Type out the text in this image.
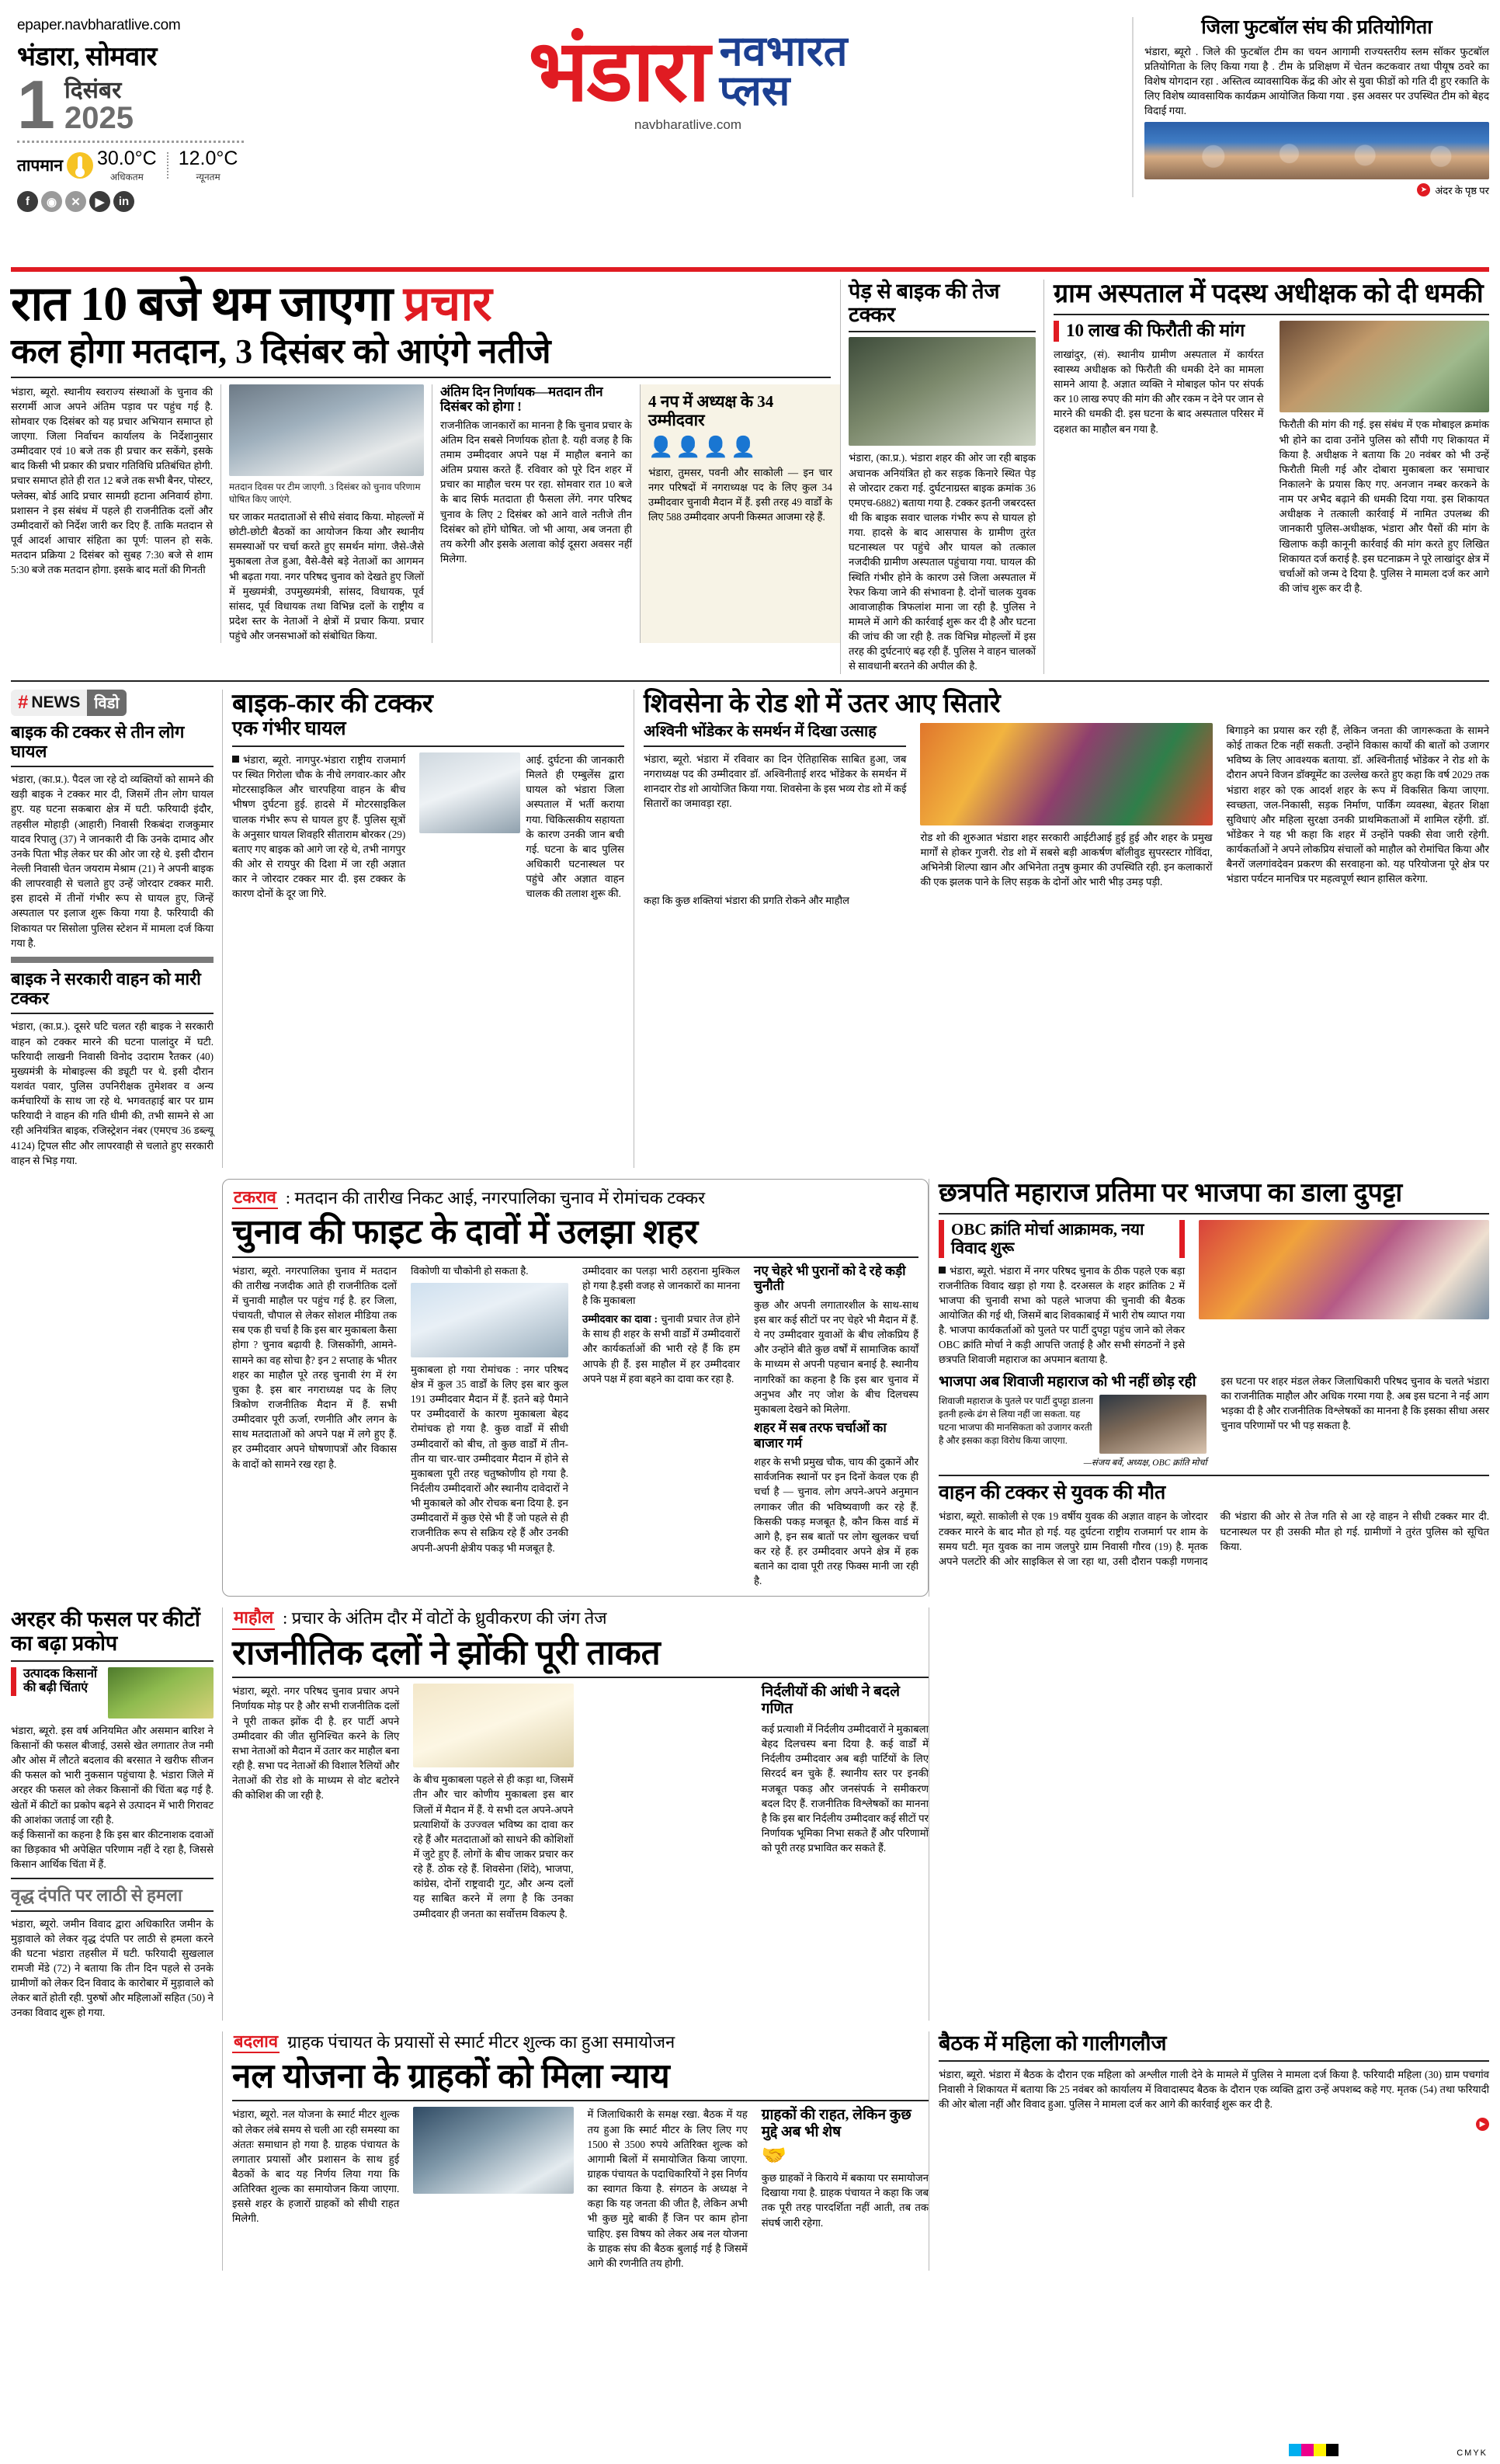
epaper.navbharatlive.com
भंडारा, सोमवार
1 दिसंबर
2025
तापमान 30.0°C
अधिकतम
12.0°C
न्यूनतम
f	◉	✕	▶	in
भंडारा नवभारत
प्लस
navbharatlive.com
जिला फुटबॉल संघ की प्रतियोगिता
भंडारा, ब्यूरो . जिले की फुटबॉल टीम का चयन आगामी राज्यस्तरीय स्लम सॉकर फुटबॉल प्रतियोगिता के लिए किया गया है . टीम के प्रशिक्षण में चेतन कटकवार तथा पीयूष ठवरे का विशेष योगदान रहा . अस्तित्व व्यावसायिक केंद्र की ओर से युवा फीडों को गति दी हुए रकाति के लिए विशेष व्यावसायिक कार्यक्रम आयोजित किया गया . इस अवसर पर उपस्थित टीम को बेहद विदाई गया.
➤ अंदर के पृष्ठ पर
रात 10 बजे थम जाएगा प्रचार
कल होगा मतदान, 3 दिसंबर को आएंगे नतीजे
भंडारा, ब्यूरो. स्थानीय स्वराज्य संस्थाओं के चुनाव की सरगर्मी आज अपने अंतिम पड़ाव पर पहुंच गई है. सोमवार एक दिसंबर को यह प्रचार अभियान समाप्त हो जाएगा. जिला निर्वाचन कार्यालय के निर्देशानुसार उम्मीदवार एवं 10 बजे तक ही प्रचार कर सकेंगे, इसके बाद किसी भी प्रकार की प्रचार गतिविधि प्रतिबंधित होगी. प्रचार समाप्त होते ही रात 12 बजे तक सभी बैनर, पोस्टर, फ्लेक्स, बोर्ड आदि प्रचार सामग्री हटाना अनिवार्य होगा. प्रशासन ने इस संबंध में पहले ही राजनीतिक दलों और उम्मीदवारों को निर्देश जारी कर दिए हैं. ताकि मतदान से पूर्व आदर्श आचार संहिता का पूर्ण: पालन हो सके. मतदान प्रक्रिया 2 दिसंबर को सुबह 7:30 बजे से शाम 5:30 बजे तक मतदान होगा. इसके बाद मतों की गिनती
मतदान दिवस पर टीम जाएगी. 3 दिसंबर को चुनाव परिणाम घोषित किए जाएंगे.
घर जाकर मतदाताओं से सीधे संवाद किया. मोहल्लों में छोटी-छोटी बैठकों का आयोजन किया और स्थानीय समस्याओं पर चर्चा करते हुए समर्थन मांगा. जैसे-जैसे मुकाबला तेज हुआ, वैसे-वैसे बड़े नेताओं का आगमन भी बढ़ता गया. नगर परिषद चुनाव को देखते हुए जिलों में मुख्यमंत्री, उपमुख्यमंत्री, सांसद, विधायक, पूर्व सांसद, पूर्व विधायक तथा विभिन्न दलों के राष्ट्रीय व प्रदेश स्तर के नेताओं ने क्षेत्रों में प्रचार किया. प्रचार पहुंचे और जनसभाओं को संबोधित किया.
अंतिम दिन निर्णायक—मतदान तीन दिसंबर को होगा !
राजनीतिक जानकारों का मानना है कि चुनाव प्रचार के अंतिम दिन सबसे निर्णायक होता है. यही वजह है कि तमाम उम्मीदवार अपने पक्ष में माहौल बनाने का अंतिम प्रयास करते हैं. रविवार को पूरे दिन शहर में प्रचार का माहौल चरम पर रहा. सोमवार रात 10 बजे के बाद सिर्फ मतदाता ही फैसला लेंगे. नगर परिषद चुनाव के लिए 2 दिसंबर को आने वाले नतीजे तीन दिसंबर को होंगे घोषित. जो भी आया, अब जनता ही तय करेगी और इसके अलावा कोई दूसरा अवसर नहीं मिलेगा.
4 नप में अध्यक्ष के 34 उम्मीदवार
👤 👤 👤 👤
भंडारा, तुमसर, पवनी और साकोली — इन चार नगर परिषदों में नगराध्यक्ष पद के लिए कुल 34 उम्मीदवार चुनावी मैदान में हैं. इसी तरह 49 वार्डों के लिए 588 उम्मीदवार अपनी किस्मत आजमा रहे हैं.
पेड़ से बाइक की तेज टक्कर
भंडारा, (का.प्र.). भंडारा शहर की ओर जा रही बाइक अचानक अनियंत्रित हो कर सड़क किनारे स्थित पेड़ से जोरदार टकरा गई. दुर्घटनाग्रस्त बाइक क्रमांक 36 एमएच-6882) बताया गया है. टक्कर इतनी जबरदस्त थी कि बाइक सवार चालक गंभीर रूप से घायल हो गया. हादसे के बाद आसपास के ग्रामीण तुरंत घटनास्थल पर पहुंचे और घायल को तत्काल नजदीकी ग्रामीण अस्पताल पहुंचाया गया. घायल की स्थिति गंभीर होने के कारण उसे जिला अस्पताल में रेफर किया जाने की संभावना है. दोनों चालक युवक आवाजाहीक त्रिफलांश माना जा रही है. पुलिस ने मामले में आगे की कार्रवाई शुरू कर दी है और घटना की जांच की जा रही है. तक विभिन्न मोहल्लों में इस तरह की दुर्घटनाएं बढ़ रही हैं. पुलिस ने वाहन चालकों से सावधानी बरतने की अपील की है.
ग्राम अस्पताल में पदस्थ अधीक्षक को दी धमकी
10 लाख की फिरौती की मांग
लाखांदुर, (सं). स्थानीय ग्रामीण अस्पताल में कार्यरत स्वास्थ्य अधीक्षक को फिरौती की धमकी देने का मामला सामने आया है. अज्ञात व्यक्ति ने मोबाइल फोन पर संपर्क कर 10 लाख रुपए की मांग की और रकम न देने पर जान से मारने की धमकी दी. इस घटना के बाद अस्पताल परिसर में दहशत का माहौल बन गया है.	फिरौती की मांग की गई. इस संबंध में एक मोबाइल क्रमांक भी होने का दावा उनोंने पुलिस को सौंपी गए शिकायत में किया है. अधीक्षक ने बताया कि 20 नवंबर को भी उन्हें फिरौती मिली गई और दोबारा मुकाबला कर 'समाचार निकालने' के प्रयास किए गए. अनजान नम्बर करकने के नाम पर अभैद बढ़ाने की धमकी दिया गया. इस शिकायत अधीक्षक ने तत्काली कार्रवाई में नामित उपलब्ध की जानकारी पुलिस-अधीक्षक, भंडारा और पैसों की मांग के खिलाफ कड़ी कानूनी कार्रवाई की मांग करते हुए लिखित शिकायत दर्ज कराई है. इस घटनाक्रम ने पूरे लाखांदुर क्षेत्र में चर्चाओं को जन्म दे दिया है. पुलिस ने मामला दर्ज कर आगे की जांच शुरू कर दी है.
# NEWS विडो
बाइक की टक्कर से तीन लोग घायल
भंडारा, (का.प्र.). पैदल जा रहे दो व्यक्तियों को सामने की खड़ी बाइक ने टक्कर मार दी, जिसमें तीन लोग घायल हुए. यह घटना सकबारा क्षेत्र में घटी. फरियादी इंदौर, तहसील मोहाड़ी (आहारी) निवासी रिकबंदा राजकुमार यादव रिपालु (37) ने जानकारी दी कि उनके दामाद और उनके पिता भीड़ लेकर घर की ओर जा रहे थे. इसी दौरान नेल्ली निवासी चेतन जयराम मेश्राम (21) ने अपनी बाइक की लापरवाही से चलाते हुए उन्हें जोरदार टक्कर मारी. इस हादसे में तीनों गंभीर रूप से घायल हुए, जिन्हें अस्पताल पर इलाज शुरू किया गया है. फरियादी की शिकायत पर सिसोला पुलिस स्टेशन में मामला दर्ज किया गया है.
बाइक ने सरकारी वाहन को मारी टक्कर
भंडारा, (का.प्र.). दूसरे घटि चलत रही बाइक ने सरकारी वाहन को टक्कर मारने की घटना पालांदुर में घटी. फरियादी लाखनी निवासी विनोद उदाराम रैतकर (40) मुख्यमंत्री के मोबाइल्स की ड्यूटी पर थे. इसी दौरान यशवंत पवार, पुलिस उपनिरीक्षक तुमेशवर व अन्य कर्मचारियों के साथ जा रहे थे. भगवतहाई बार पर ग्राम फरियादी ने वाहन की गति धीमी की, तभी सामने से आ रही अनियंत्रित बाइक, रजिस्ट्रेशन नंबर (एमएच 36 डब्ल्यू 4124) ट्रिपल सीट और लापरवाही से चलाते हुए सरकारी वाहन से भिड़ गया.
बाइक-कार की टक्कर
एक गंभीर घायल
भंडारा, ब्यूरो. नागपुर-भंडारा राष्ट्रीय राजमार्ग पर स्थित गिरोला चौक के नीचे लगवार-कार और मोटरसाइकिल और चारपहिया वाहन के बीच भीषण दुर्घटना हुई. हादसे में मोटरसाइकिल चालक गंभीर रूप से घायल हुए हैं. पुलिस सूत्रों के अनुसार घायल शिवहरि सीताराम बोरकर (29) बताए गए बाइक को आगे जा रहे थे, तभी नागपुर की ओर से रायपुर की दिशा में जा रही अज्ञात कार ने जोरदार टक्कर मार दी. इस टक्कर के कारण दोनों के दूर जा गिरे.
आई. दुर्घटना की जानकारी मिलते ही एम्बुलेंस द्वारा घायल को भंडारा जिला अस्पताल में भर्ती कराया गया. चिकित्सकीय सहायता के कारण उनकी जान बची गई. घटना के बाद पुलिस अधिकारी घटनास्थल पर पहुंचे और अज्ञात वाहन चालक की तलाश शुरू की.
शिवसेना के रोड शो में उतर आए सितारे
अश्विनी भोंडेकर के समर्थन में दिखा उत्साह
भंडारा, ब्यूरो. भंडारा में रविवार का दिन ऐतिहासिक साबित हुआ, जब नगराध्यक्ष पद की उम्मीदवार डॉ. अश्विनीताई शरद भोंडेकर के समर्थन में शानदार रोड शो आयोजित किया गया. शिवसेना के इस भव्य रोड शो में कई सितारों का जमावड़ा रहा.
रोड शो की शुरुआत भंडारा शहर सरकारी आईटीआई हुई हुई और शहर के प्रमुख मार्गों से होकर गुजरी. रोड शो में सबसे बड़ी आकर्षण बॉलीवुड सुपरस्टार गोविंदा, अभिनेत्री शिल्पा खान और अभिनेता तनुष कुमार की उपस्थिति रही. इन कलाकारों की एक झलक पाने के लिए सड़क के दोनों ओर भारी भीड़ उमड़ पड़ी.
बिगाड़ने का प्रयास कर रही हैं, लेकिन जनता की जागरूकता के सामने कोई ताकत टिक नहीं सकती. उन्होंने विकास कार्यों की बातों को उजागर भविष्य के लिए आवश्यक बताया. डॉ. अश्विनीताई भोंडेकर ने रोड शो के दौरान अपने विजन डॉक्यूमेंट का उल्लेख करते हुए कहा कि वर्ष 2029 तक भंडारा शहर को एक आदर्श शहर के रूप में विकसित किया जाएगा. स्वच्छता, जल-निकासी, सड़क निर्माण, पार्किंग व्यवस्था, बेहतर शिक्षा सुविधाएं और महिला सुरक्षा उनकी प्राथमिकताओं में शामिल रहेंगी. डॉ. भोंडेकर ने यह भी कहा कि शहर में उन्होंने पक्की सेवा जारी रहेगी. कार्यकर्ताओं ने अपने लोकप्रिय संचालों को माहौल को रोमांचित किया और बैनरों जलगांवदेवन प्रकरण की सरवाहना को. यह परियोजना पूरे क्षेत्र पर भंडारा पर्यटन मानचित्र पर महत्वपूर्ण स्थान हासिल करेगा.
कहा कि कुछ शक्तियां भंडारा की प्रगति रोकने और माहौल
टकराव : मतदान की तारीख निकट आई, नगरपालिका चुनाव में रोमांचक टक्कर
चुनाव की फाइट के दावों में उलझा शहर
भंडारा, ब्यूरो. नगरपालिका चुनाव में मतदान की तारीख नजदीक आते ही राजनीतिक दलों में चुनावी माहौल पर पहुंच गई है. हर जिला, पंचायती, चौपाल से लेकर सोशल मीडिया तक सब एक ही चर्चा है कि इस बार मुकाबला कैसा होगा ? चुनाव बढ़ायी है. जिसकोंगी, आमने-सामने का वह सोचा है? इन 2 सप्ताह के भीतर शहर का माहौल पूरे तरह चुनावी रंग में रंग चुका है. इस बार नगराध्यक्ष पद के लिए त्रिकोण राजनीतिक मैदान में हैं. सभी उम्मीदवार पूरी ऊर्जा, रणनीति और लगन के साथ मतदाताओं को अपने पक्ष में लगे हुए हैं. हर उम्मीदवार अपने घोषणापत्रों और विकास के वादों को सामने रख रहा है.
विकोणी या चौकोनी हो सकता है.
मुकाबला हो गया रोमांचक : नगर परिषद क्षेत्र में कुल 35 वार्डों के लिए इस बार कुल 191 उम्मीदवार मैदान में हैं. इतने बड़े पैमाने पर उम्मीदवारों के कारण मुकाबला बेहद रोमांचक हो गया है. कुछ वार्डों में सीधी उम्मीदवारों को बीच, तो कुछ वार्डों में तीन-तीन या चार-चार उम्मीदवार मैदान में होने से मुकाबला पूरी तरह चतुष्कोणीय हो गया है. निर्दलीय उम्मीदवारों और स्थानीय दावेदारों ने भी मुकाबले को और रोचक बना दिया है. इन उम्मीदवारों में कुछ ऐसे भी हैं जो पहले से ही राजनीतिक रूप से सक्रिय रहे हैं और उनकी अपनी-अपनी क्षेत्रीय पकड़ भी मजबूत है.
उम्मीदवार का पलड़ा भारी ठहराना मुश्किल हो गया है.इसी वजह से जानकारों का मानना है कि मुकाबला
उम्मीदवार का दावा : चुनावी प्रचार तेज होने के साथ ही शहर के सभी वार्डों में उम्मीदवारों और कार्यकर्ताओं की भारी रहे हैं कि हम आपके ही हैं. इस माहौल में हर उम्मीदवार अपने पक्ष में हवा बहने का दावा कर रहा है.
नए चेहरे भी पुरानों को दे रहे कड़ी चुनौती
कुछ और अपनी लगातारशील के साथ-साथ इस बार कई सीटों पर नए चेहरे भी मैदान में हैं. ये नए उम्मीदवार युवाओं के बीच लोकप्रिय हैं और उन्होंने बीते कुछ वर्षों में सामाजिक कार्यों के माध्यम से अपनी पहचान बनाई है. स्थानीय नागरिकों का कहना है कि इस बार चुनाव में अनुभव और नए जोश के बीच दिलचस्प मुकाबला देखने को मिलेगा.
शहर में सब तरफ चर्चाओं का बाजार गर्म
शहर के सभी प्रमुख चौक, चाय की दुकानें और सार्वजनिक स्थानों पर इन दिनों केवल एक ही चर्चा है — चुनाव. लोग अपने-अपने अनुमान लगाकर जीत की भविष्यवाणी कर रहे हैं. किसकी पकड़ मजबूत है, कौन किस वार्ड में आगे है, इन सब बातों पर लोग खुलकर चर्चा कर रहे हैं. हर उम्मीदवार अपने क्षेत्र में हक बताने का दावा पूरी तरह फिक्स मानी जा रही है.
छत्रपति महाराज प्रतिमा पर भाजपा का डाला दुपट्टा
OBC क्रांति मोर्चा आक्रामक, नया विवाद शुरू
भंडारा, ब्यूरो. भंडारा में नगर परिषद चुनाव के ठीक पहले एक बड़ा राजनीतिक विवाद खड़ा हो गया है. दरअसल के शहर क्रांतिक 2 में भाजपा की चुनावी सभा को पहले भाजपा की चुनावी की बैठक आयोजित की गई थी, जिसमें बाद शिवकाबाई में भारी रोष व्याप्त गया है. भाजपा कार्यकर्ताओं को पुलते पर पार्टी दुपट्टा पहुंच जाने को लेकर OBC क्रांति मोर्चा ने कड़ी आपत्ति जताई है और सभी संगठनों ने इसे छत्रपति शिवाजी महाराज का अपमान बताया है.
भाजपा अब शिवाजी महाराज को भी नहीं छोड़ रही
शिवाजी महाराज के पुतले पर पार्टी दुपट्टा डालना इतनी हल्के ढंग से लिया नहीं जा सकता. यह घटना भाजपा की मानसिकता को उजागर करती है और इसका कड़ा विरोध किया जाएगा.
—संजय बर्वे, अध्यक्ष, OBC क्रांति मोर्चा
इस घटना पर शहर मंडल लेकर जिलाधिकारी परिषद चुनाव के चलते भंडारा का राजनीतिक माहौल और अधिक गरमा गया है. अब इस घटना ने नई आग भड़का दी है और राजनीतिक विश्लेषकों का मानना है कि इसका सीधा असर चुनाव परिणामों पर भी पड़ सकता है.
वाहन की टक्कर से युवक की मौत
भंडारा, ब्यूरो. साकोली से एक 19 वर्षीय युवक की अज्ञात वाहन के जोरदार टक्कर मारने के बाद मौत हो गई. यह दुर्घटना राष्ट्रीय राजमार्ग पर शाम के समय घटी. मृत युवक का नाम जलपुरे ग्राम निवासी गौरव (19) है. मृतक अपने पलटोंरे की ओर साइकिल से जा रहा था, उसी दौरान पकड़ी गणनाद की भंडारा की ओर से तेज गति से आ रहे वाहन ने सीधी टक्कर मार दी. घटनास्थल पर ही उसकी मौत हो गई. ग्रामीणों ने तुरंत पुलिस को सूचित किया.
अरहर की फसल पर कीटों का बढ़ा प्रकोप
उत्पादक किसानों की बढ़ी चिंताएं
भंडारा, ब्यूरो. इस वर्ष अनियमित और असमान बारिश ने किसानों की फसल बीजाई, उससे खेत लगातार तेज नमी और ओस में लौटते बदलाव की बरसात ने खरीफ सीजन की फसल को भारी नुकसान पहुंचाया है. भंडारा जिले में अरहर की फसल को लेकर किसानों की चिंता बढ़ गई है. खेतों में कीटों का प्रकोप बढ़ने से उत्पादन में भारी गिरावट की आशंका जताई जा रही है.
कई किसानों का कहना है कि इस बार कीटनाशक दवाओं का छिड़काव भी अपेक्षित परिणाम नहीं दे रहा है, जिससे किसान आर्थिक चिंता में हैं.
वृद्ध दंपति पर लाठी से हमला
भंडारा, ब्यूरो. जमीन विवाद द्वारा अधिकारित जमीन के मुड़ावाले को लेकर वृद्ध दंपति पर लाठी से हमला करने की घटना भंडारा तहसील में घटी. फरियादी सुखलाल रामजी मेंडे (72) ने बताया कि तीन दिन पहले से उनके ग्रामीणों को लेकर दिन विवाद के कारोबार में मुड़ावाले को लेकर बातें होती रही. पुरुषों और महिलाओं सहित (50) ने उनका विवाद शुरू हो गया.
माहौल : प्रचार के अंतिम दौर में वोटों के ध्रुवीकरण की जंग तेज
राजनीतिक दलों ने झोंकी पूरी ताकत
भंडारा, ब्यूरो. नगर परिषद चुनाव प्रचार अपने निर्णायक मोड़ पर है और सभी राजनीतिक दलों ने पूरी ताकत झोंक दी है. हर पार्टी अपने उम्मीदवार की जीत सुनिश्चित करने के लिए सभा नेताओं को मैदान में उतार कर माहौल बना रही है. सभा पद नेताओं की विशाल रैलियों और नेताओं की रोड शो के माध्यम से वोट बटोरने की कोशिश की जा रही है.
के बीच मुकाबला पहले से ही कड़ा था, जिसमें तीन और चार कोणीय मुकाबला इस बार जिलों में मैदान में हैं. ये सभी दल अपने-अपने प्रत्याशियों के उज्ज्वल भविष्य का दावा कर रहे हैं और मतदाताओं को साधने की कोशिशों में जुटे हुए हैं. लोगों के बीच जाकर प्रचार कर रहे हैं. ठोक रहे हैं. शिवसेना (शिंदे), भाजपा, कांग्रेस, दोनों राष्ट्रवादी गुट, और अन्य दलों यह साबित करने में लगा है कि उनका उम्मीदवार ही जनता का सर्वोत्तम विकल्प है.
निर्दलीयों की आंधी ने बदले गणित
कई प्रत्याशी में निर्दलीय उम्मीदवारों ने मुकाबला बेहद दिलचस्प बना दिया है. कई वार्डों में निर्दलीय उम्मीदवार अब बड़ी पार्टियों के लिए सिरदर्द बन चुके हैं. स्थानीय स्तर पर इनकी मजबूत पकड़ और जनसंपर्क ने समीकरण बदल दिए हैं. राजनीतिक विश्लेषकों का मानना है कि इस बार निर्दलीय उम्मीदवार कई सीटों पर निर्णायक भूमिका निभा सकते हैं और परिणामों को पूरी तरह प्रभावित कर सकते हैं.
बदलाव ग्राहक पंचायत के प्रयासों से स्मार्ट मीटर शुल्क का हुआ समायोजन
नल योजना के ग्राहकों को मिला न्याय
भंडारा, ब्यूरो. नल योजना के स्मार्ट मीटर शुल्क को लेकर लंबे समय से चली आ रही समस्या का अंततः समाधान हो गया है. ग्राहक पंचायत के लगातार प्रयासों और प्रशासन के साथ हुई बैठकों के बाद यह निर्णय लिया गया कि अतिरिक्त शुल्क का समायोजन किया जाएगा. इससे शहर के हजारों ग्राहकों को सीधी राहत मिलेगी.
में जिलाधिकारी के समक्ष रखा. बैठक में यह तय हुआ कि स्मार्ट मीटर के लिए लिए गए 1500 से 3500 रुपये अतिरिक्त शुल्क को आगामी बिलों में समायोजित किया जाएगा. ग्राहक पंचायत के पदाधिकारियों ने इस निर्णय का स्वागत किया है. संगठन के अध्यक्ष ने कहा कि यह जनता की जीत है, लेकिन अभी भी कुछ मुद्दे बाकी हैं जिन पर काम होना चाहिए. इस विषय को लेकर अब नल योजना के ग्राहक संघ की बैठक बुलाई गई है जिसमें आगे की रणनीति तय होगी.
ग्राहकों की राहत, लेकिन कुछ मुद्दे अब भी शेष
🤝
कुछ ग्राहकों ने किराये में बकाया पर समायोजन दिखाया गया है. ग्राहक पंचायत ने कहा कि जब तक पूरी तरह पारदर्शिता नहीं आती, तब तक संघर्ष जारी रहेगा.
बैठक में महिला को गालीगलौज
भंडारा, ब्यूरो. भंडारा में बैठक के दौरान एक महिला को अश्लील गाली देने के मामले में पुलिस ने मामला दर्ज किया है. फरियादी महिला (30) ग्राम पचगांव निवासी ने शिकायत में बताया कि 25 नवंबर को कार्यालय में विवादास्पद बैठक के दौरान एक व्यक्ति द्वारा उन्हें अपशब्द कहे गए. मृतक (54) तथा फरियादी की ओर बोला नहीं और विवाद हुआ. पुलिस ने मामला दर्ज कर आगे की कार्रवाई शुरू कर दी है.
▶
CMYK
